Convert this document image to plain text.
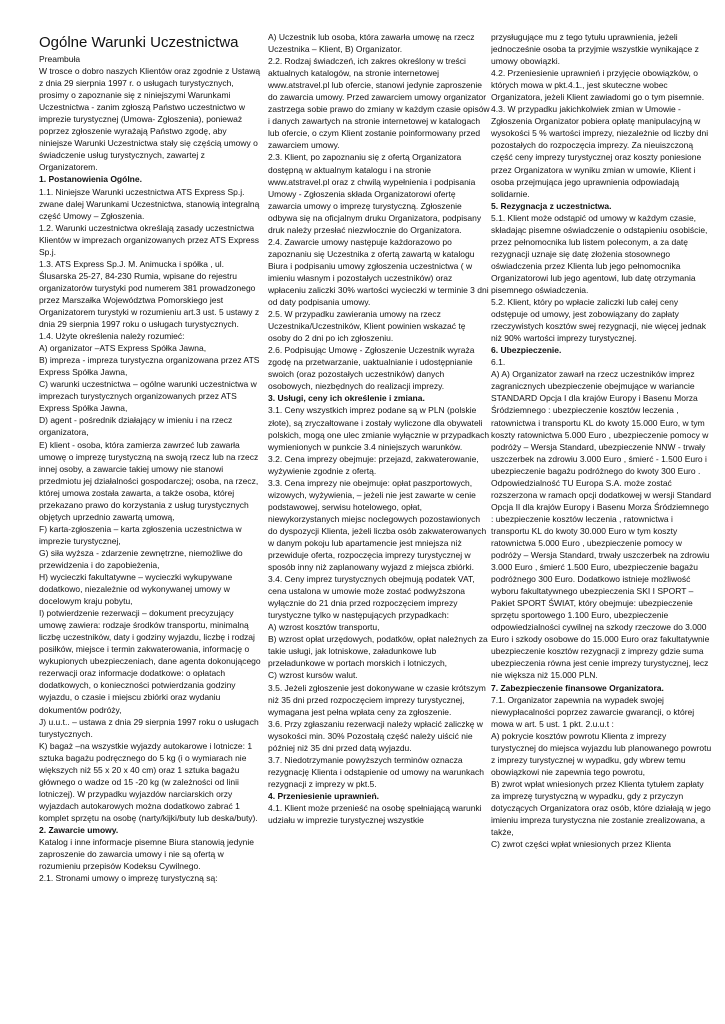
Ogólne Warunki Uczestnictwa

Preambuła

W trosce o dobro naszych Klientów oraz zgodnie z Ustawą z dnia 29 sierpnia 1997 r. o usługach turystycznych, prosimy o zapoznanie się z niniejszymi Warunkami Uczestnictwa - zanim zgłoszą Państwo uczestnictwo w imprezie turystycznej (Umowa- Zgłoszenia), ponieważ poprzez zgłoszenie wyrażają Państwo zgodę, aby niniejsze Warunki Uczestnictwa stały się częścią umowy o świadczenie usług turystycznych, zawartej z Organizatorem.

1. Postanowienia Ogólne.

1.1. Niniejsze Warunki uczestnictwa ATS Express Sp.j. zwane dalej Warunkami Uczestnictwa, stanowią integralną część Umowy – Zgłoszenia.

1.2. Warunki uczestnictwa określają zasady uczestnictwa Klientów w imprezach organizowanych przez ATS Express Sp.j.

1.3. ATS Express Sp.J. M. Animucka i spółka , ul. Ślusarska 25-27, 84-230 Rumia, wpisane do rejestru organizatorów turystyki pod numerem 381 prowadzonego przez Marszałka Województwa Pomorskiego jest Organizatorem turystyki w rozumieniu art.3 ust. 5 ustawy z dnia 29 sierpnia 1997 roku o usługach turystycznych.

1.4. Użyte określenia należy rozumieć:

A) organizator –ATS Express Spółka Jawna,

B) impreza - impreza turystyczna organizowana przez ATS Express Spółka Jawna,

C) warunki uczestnictwa – ogólne warunki uczestnictwa w imprezach turystycznych organizowanych przez ATS Express Spółka Jawna,

D) agent - pośrednik działający w imieniu i na rzecz organizatora,

E) klient - osoba, która zamierza zawrzeć lub zawarła umowę o imprezę turystyczną na swoją rzecz lub na rzecz innej osoby, a zawarcie takiej umowy nie stanowi przedmiotu jej działalności gospodarczej; osoba, na rzecz, której umowa została zawarta, a także osoba, której przekazano prawo do korzystania z usług turystycznych objętych uprzednio zawartą umową,

F) karta-zgłoszenia – karta zgłoszenia uczestnictwa w imprezie turystycznej,

G) siła wyższa - zdarzenie zewnętrzne, niemożliwe do przewidzenia i do zapobieżenia,

H) wycieczki fakultatywne – wycieczki wykupywane dodatkowo, niezależnie od wykonywanej umowy w docelowym kraju pobytu,

I) potwierdzenie rezerwacji – dokument precyzujący umowę zawiera: rodzaje środków transportu, minimalną liczbę uczestników, daty i godziny wyjazdu, liczbę i rodzaj posiłków, miejsce i termin zakwaterowania, informację o wykupionych ubezpieczeniach, dane agenta dokonującego rezerwacji oraz informacje dodatkowe: o opłatach dodatkowych, o konieczności potwierdzania godziny wyjazdu, o czasie i miejscu zbiórki oraz wydaniu dokumentów podróży,

J) u.u.t.. – ustawa z dnia 29 sierpnia 1997 roku o usługach turystycznych.

K) bagaż –na wszystkie wyjazdy autokarowe i lotnicze: 1 sztuka bagażu podręcznego do 5 kg (i o wymiarach nie większych niż 55 x 20 x 40 cm) oraz 1 sztuka bagażu głównego o wadze od 15 -20 kg (w zależności od linii lotniczej). W przypadku wyjazdów narciarskich orzy wyjazdach autokarowych można dodatkowo zabrać 1 komplet sprzętu na osobę (narty/kijki/buty lub deska/buty).

2. Zawarcie umowy.

Katalog i inne informacje pisemne Biura stanowią jedynie zaproszenie do zawarcia umowy i nie są ofertą w rozumieniu przepisów Kodeksu Cywilnego.

2.1. Stronami umowy o imprezę turystyczną są:

A) Uczestnik lub osoba, która zawarła umowę na rzecz Uczestnika – Klient, B) Organizator.

2.2. Rodzaj świadczeń, ich zakres określony w treści aktualnych katalogów, na stronie internetowej www.atstravel.pl lub ofercie, stanowi jedynie zaproszenie do zawarcia umowy. Przed zawarciem umowy organizator zastrzega sobie prawo do zmiany w każdym czasie opisów i danych zawartych na stronie internetowej w katalogach lub ofercie, o czym Klient zostanie poinformowany przed zawarciem umowy.

2.3. Klient, po zapoznaniu się z ofertą Organizatora dostępną w aktualnym katalogu i na stronie www.atstravel.pl oraz z chwilą wypełnienia i podpisania Umowy - Zgłoszenia składa Organizatorowi ofertę zawarcia umowy o imprezę turystyczną. Zgłoszenie odbywa się na oficjalnym druku Organizatora, podpisany druk należy przesłać niezwłocznie do Organizatora.

2.4. Zawarcie umowy następuje każdorazowo po zapoznaniu się Uczestnika z ofertą zawartą w katalogu Biura i podpisaniu umowy zgłoszenia uczestnictwa ( w imieniu własnym i pozostałych uczestników) oraz wpłaceniu zaliczki 30% wartości wycieczki w terminie 3 dni od daty podpisania umowy.

2.5. W przypadku zawierania umowy na rzecz Uczestnika/Uczestników, Klient powinien wskazać tę osoby do 2 dni po ich zgłoszeniu.

2.6. Podpisując Umowę - Zgłoszenie Uczestnik wyraża zgodę na przetwarzanie, uaktualnianie i udostępnianie swoich (oraz pozostałych uczestników) danych osobowych, niezbędnych do realizacji imprezy.

3. Usługi, ceny ich określenie i zmiana.

3.1. Ceny wszystkich imprez podane są w PLN (polskie złote), są zryczałtowane i zostały wyliczone dla obywateli polskich, mogą one ulec zmianie wyłącznie w przypadkach wymienionych w punkcie 3.4 niniejszych warunków.

3.2. Cena imprezy obejmuje: przejazd, zakwaterowanie, wyżywienie zgodnie z ofertą.

3.3. Cena imprezy nie obejmuje: opłat paszportowych, wizowych, wyżywienia, – jeżeli nie jest zawarte w cenie podstawowej, serwisu hotelowego, opłat, niewykorzystanych miejsc noclegowych pozostawionych do dyspozycji Klienta, jeżeli liczba osób zakwaterowanych w danym pokoju lub apartamencie jest mniejsza niż przewiduje oferta, rozpoczęcia imprezy turystycznej w sposób inny niż zaplanowany wyjazd z miejsca zbiórki.

3.4. Ceny imprez turystycznych obejmują podatek VAT, cena ustalona w umowie może zostać podwyższona wyłącznie do 21 dnia przed rozpoczęciem imprezy turystyczne tylko w następujących przypadkach:

A) wzrost kosztów transportu,

B) wzrost opłat urzędowych, podatków, opłat należnych za takie usługi, jak lotniskowe, załadunkowe lub przeładunkowe w portach morskich i lotniczych,

C) wzrost kursów walut.

3.5. Jeżeli zgłoszenie jest dokonywane w czasie krótszym niż 35 dni przed rozpoczęciem imprezy turystycznej, wymagana jest pełna wpłata ceny za zgłoszenie.

3.6. Przy zgłaszaniu rezerwacji należy wpłacić zaliczkę w wysokości min. 30% Pozostałą część należy uiścić nie później niż 35 dni przed datą wyjazdu.

3.7. Niedotrzymanie powyższych terminów oznacza rezygnację Klienta i odstąpienie od umowy na warunkach rezygnacji z imprezy w pkt.5.

4. Przeniesienie uprawnień.

4.1. Klient może przenieść na osobę spełniającą warunki udziału w imprezie turystycznej wszystkie

przysługujące mu z tego tytułu uprawnienia, jeżeli jednocześnie osoba ta przyjmie wszystkie wynikające z umowy obowiązki.

4.2. Przeniesienie uprawnień i przyjęcie obowiązków, o których mowa w pkt.4.1., jest skuteczne wobec Organizatora, jeżeli Klient zawiadomi go o tym pisemnie.

4.3. W przypadku jakichkolwiek zmian w Umowie - Zgłoszenia Organizator pobiera opłatę manipulacyjną w wysokości 5 % wartości imprezy, niezależnie od liczby dni pozostałych do rozpoczęcia imprezy. Za nieuiszczoną część ceny imprezy turystycznej oraz koszty poniesione przez Organizatora w wyniku zmian w umowie, Klient i osoba przejmująca jego uprawnienia odpowiadają solidarnie.

5. Rezygnacja z uczestnictwa.

5.1. Klient może odstąpić od umowy w każdym czasie, składając pisemne oświadczenie o odstąpieniu osobiście, przez pełnomocnika lub listem poleconym, a za datę rezygnacji uznaje się datę złożenia stosownego oświadczenia przez Klienta lub jego pełnomocnika Organizatorowi lub jego agentowi, lub datę otrzymania pisemnego oświadczenia.

5.2. Klient, który po wpłacie zaliczki lub całej ceny odstępuje od umowy, jest zobowiązany do zapłaty rzeczywistych kosztów swej rezygnacji, nie więcej jednak niż 90% wartości imprezy turystycznej.

6. Ubezpieczenie.

6.1.

A) A) Organizator zawarł na rzecz uczestników imprez zagranicznych ubezpieczenie obejmujące w wariancie STANDARD Opcja I dla krajów Europy i Basenu Morza Śródziemnego : ubezpieczenie kosztów leczenia , ratownictwa i transportu KL do kwoty 15.000 Euro, w tym koszty ratownictwa 5.000 Euro , ubezpieczenie pomocy w podróży – Wersja Standard, ubezpieczenie NNW - trwały uszczerbek na zdrowiu 3.000 Euro , śmierć - 1.500 Euro i ubezpieczenie bagażu podróżnego do kwoty 300 Euro .

Odpowiedzialność TU Europa S.A. może zostać rozszerzona w ramach opcji dodatkowej w wersji Standard Opcja II dla krajów Europy i Basenu Morza Śródziemnego : ubezpieczenie kosztów leczenia , ratownictwa i transportu KL do kwoty 30.000 Euro w tym koszty ratownictwa 5.000 Euro , ubezpieczenie pomocy w podróży – Wersja Standard, trwały uszczerbek na zdrowiu 3.000 Euro , śmierć 1.500 Euro, ubezpieczenie bagażu podróżnego 300 Euro. Dodatkowo istnieje możliwość wyboru fakultatywnego ubezpieczenia SKI I SPORT – Pakiet SPORT ŚWIAT, który obejmuje: ubezpieczenie sprzętu sportowego 1.100 Euro, ubezpieczenie odpowiedzialności cywilnej na szkody rzeczowe do 3.000 Euro i szkody osobowe do 15.000 Euro oraz fakultatywnie ubezpieczenie kosztów rezygnacji z imprezy gdzie suma ubezpieczenia równa jest cenie imprezy turystycznej, lecz nie większa niż 15.000 PLN.

7. Zabezpieczenie finansowe Organizatora.

7.1. Organizator zapewnia na wypadek swojej niewypłacalności poprzez zawarcie gwarancji, o której mowa w art. 5 ust. 1 pkt. 2.u.u.t :

A) pokrycie kosztów powrotu Klienta z imprezy turystycznej do miejsca wyjazdu lub planowanego powrotu z imprezy turystycznej w wypadku, gdy wbrew temu obowiązkowi nie zapewnia tego powrotu,

B) zwrot wpłat wniesionych przez Klienta tytułem zapłaty za imprezę turystyczną w wypadku, gdy z przyczyn dotyczących Organizatora oraz osób, które działają w jego imieniu impreza turystyczna nie zostanie zrealizowana, a także,

C) zwrot części wpłat wniesionych przez Klienta
